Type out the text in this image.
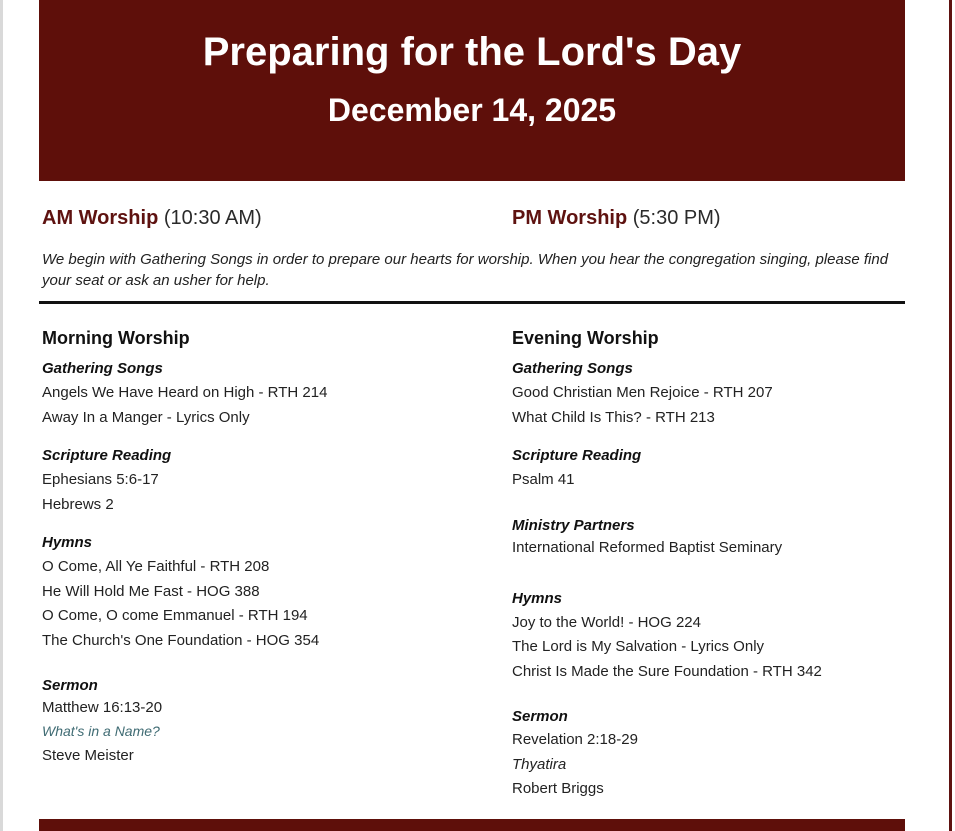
Preparing for the Lord's Day
December 14, 2025
AM Worship (10:30 AM)	PM Worship (5:30 PM)
We begin with Gathering Songs in order to prepare our hearts for worship. When you hear the congregation singing, please find your seat or ask an usher for help.
Morning Worship
Gathering Songs
Angels We Have Heard on High - RTH 214
Away In a Manger - Lyrics Only
Scripture Reading
Ephesians 5:6-17
Hebrews 2
Hymns
O Come, All Ye Faithful - RTH 208
He Will Hold Me Fast - HOG 388
O Come, O come Emmanuel - RTH 194
The Church's One Foundation - HOG 354
Sermon
Matthew 16:13-20
What's in a Name?
Steve Meister
Evening Worship
Gathering Songs
Good Christian Men Rejoice - RTH 207
What Child Is This? - RTH 213
Scripture Reading
Psalm 41
Ministry Partners
International Reformed Baptist Seminary
Hymns
Joy to the World! - HOG 224
The Lord is My Salvation - Lyrics Only
Christ Is Made the Sure Foundation - RTH 342
Sermon
Revelation 2:18-29
Thyatira
Robert Briggs
